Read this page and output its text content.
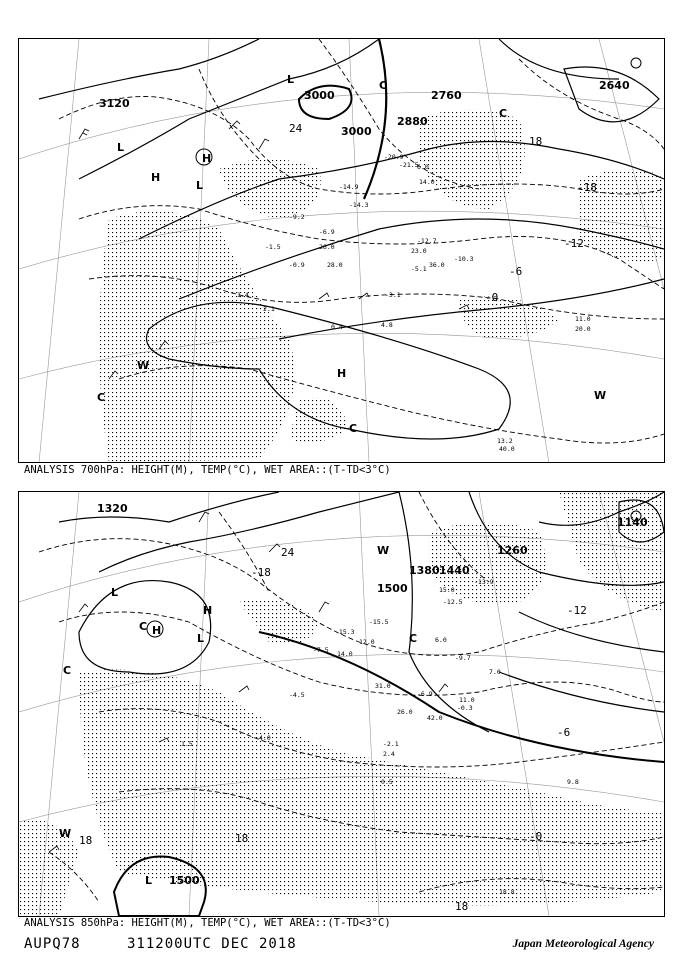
3120
3000
3000
2880
2760
2640
24
-18
-12
-6
18
-0
L
L
H
H
L
H
C
C
W
W
C
C
-20.9
-21.5
-14.9
-14.3
-12.7
-10.3
-9.2
-6.9
-5.1
-3.1
-1.5
-0.9
0.4
1.4
2.1
4.8
6.0
11.0
14.0
20.0
23.0
26.0
28.0	36.0
13.2
40.0
ANALYSIS 700hPa: HEIGHT(M), TEMP(°C), WET AREA::(T-TD<3°C)
1320
1380 1440
1500
1260
1500
1140
24
-18
-12
-6
18	18
18
-0
L
H
C H
L
W
C
W
L
C
-15.5
-15.3
-13.9
-12.5
-9.7
-7.5
-6.9
-4.5
-2.1
-0.3
0.5
1.5
2.4
4.0
6.0
7.0
9.8
11.0
12.0
14.0
15.0
26.0
31.0
42.0
18.8
ANALYSIS 850hPa: HEIGHT(M), TEMP(°C), WET AREA::(T-TD<3°C)
AUPQ78	311200UTC DEC 2018	Japan Meteorological Agency
